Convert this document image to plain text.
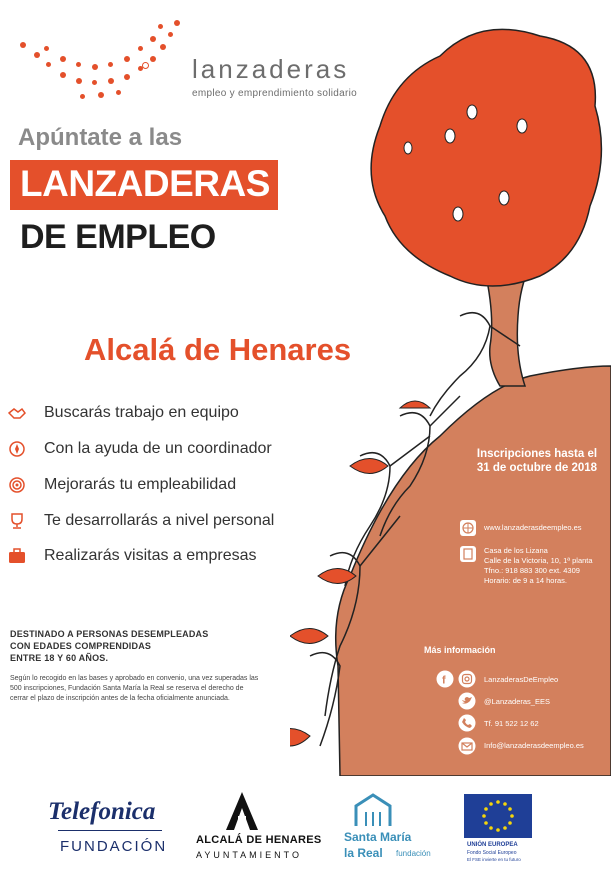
lanzaderas
empleo y emprendimiento solidario
Apúntate a las
LANZADERAS
DE EMPLEO
Alcalá de Henares
Buscarás trabajo en equipo
Con la ayuda de un coordinador
Mejorarás tu empleabilidad
Te desarrollarás a nivel personal
Realizarás visitas a empresas
DESTINADO A PERSONAS DESEMPLEADAS
CON EDADES COMPRENDIDAS
ENTRE 18 Y 60 AÑOS.
Según lo recogido en las bases y aprobado en convenio, una vez superadas las 500 inscripciones, Fundación Santa María la Real se reserva el derecho de cerrar el plazo de inscripción antes de la fecha oficialmente anunciada.
Inscripciones hasta el
31 de octubre de 2018
www.lanzaderasdeempleo.es
Casa de los Lizana
Calle de la Victoria, 10, 1ª planta
Tfno.: 918 883 300 ext. 4309
Horario: de 9 a 14 horas.
Más información
f	LanzaderasDeEmpleo
@Lanzaderas_EES
Tf. 91 522 12 62
Info@lanzaderasdeempleo.es
Telefonica
FUNDACIÓN	ALCALÁ DE HENARES
AYUNTAMIENTO
Santa María
la Real fundación
UNIÓN EUROPEA
Fondo Social Europeo
El FSE invierte en tu futuro
